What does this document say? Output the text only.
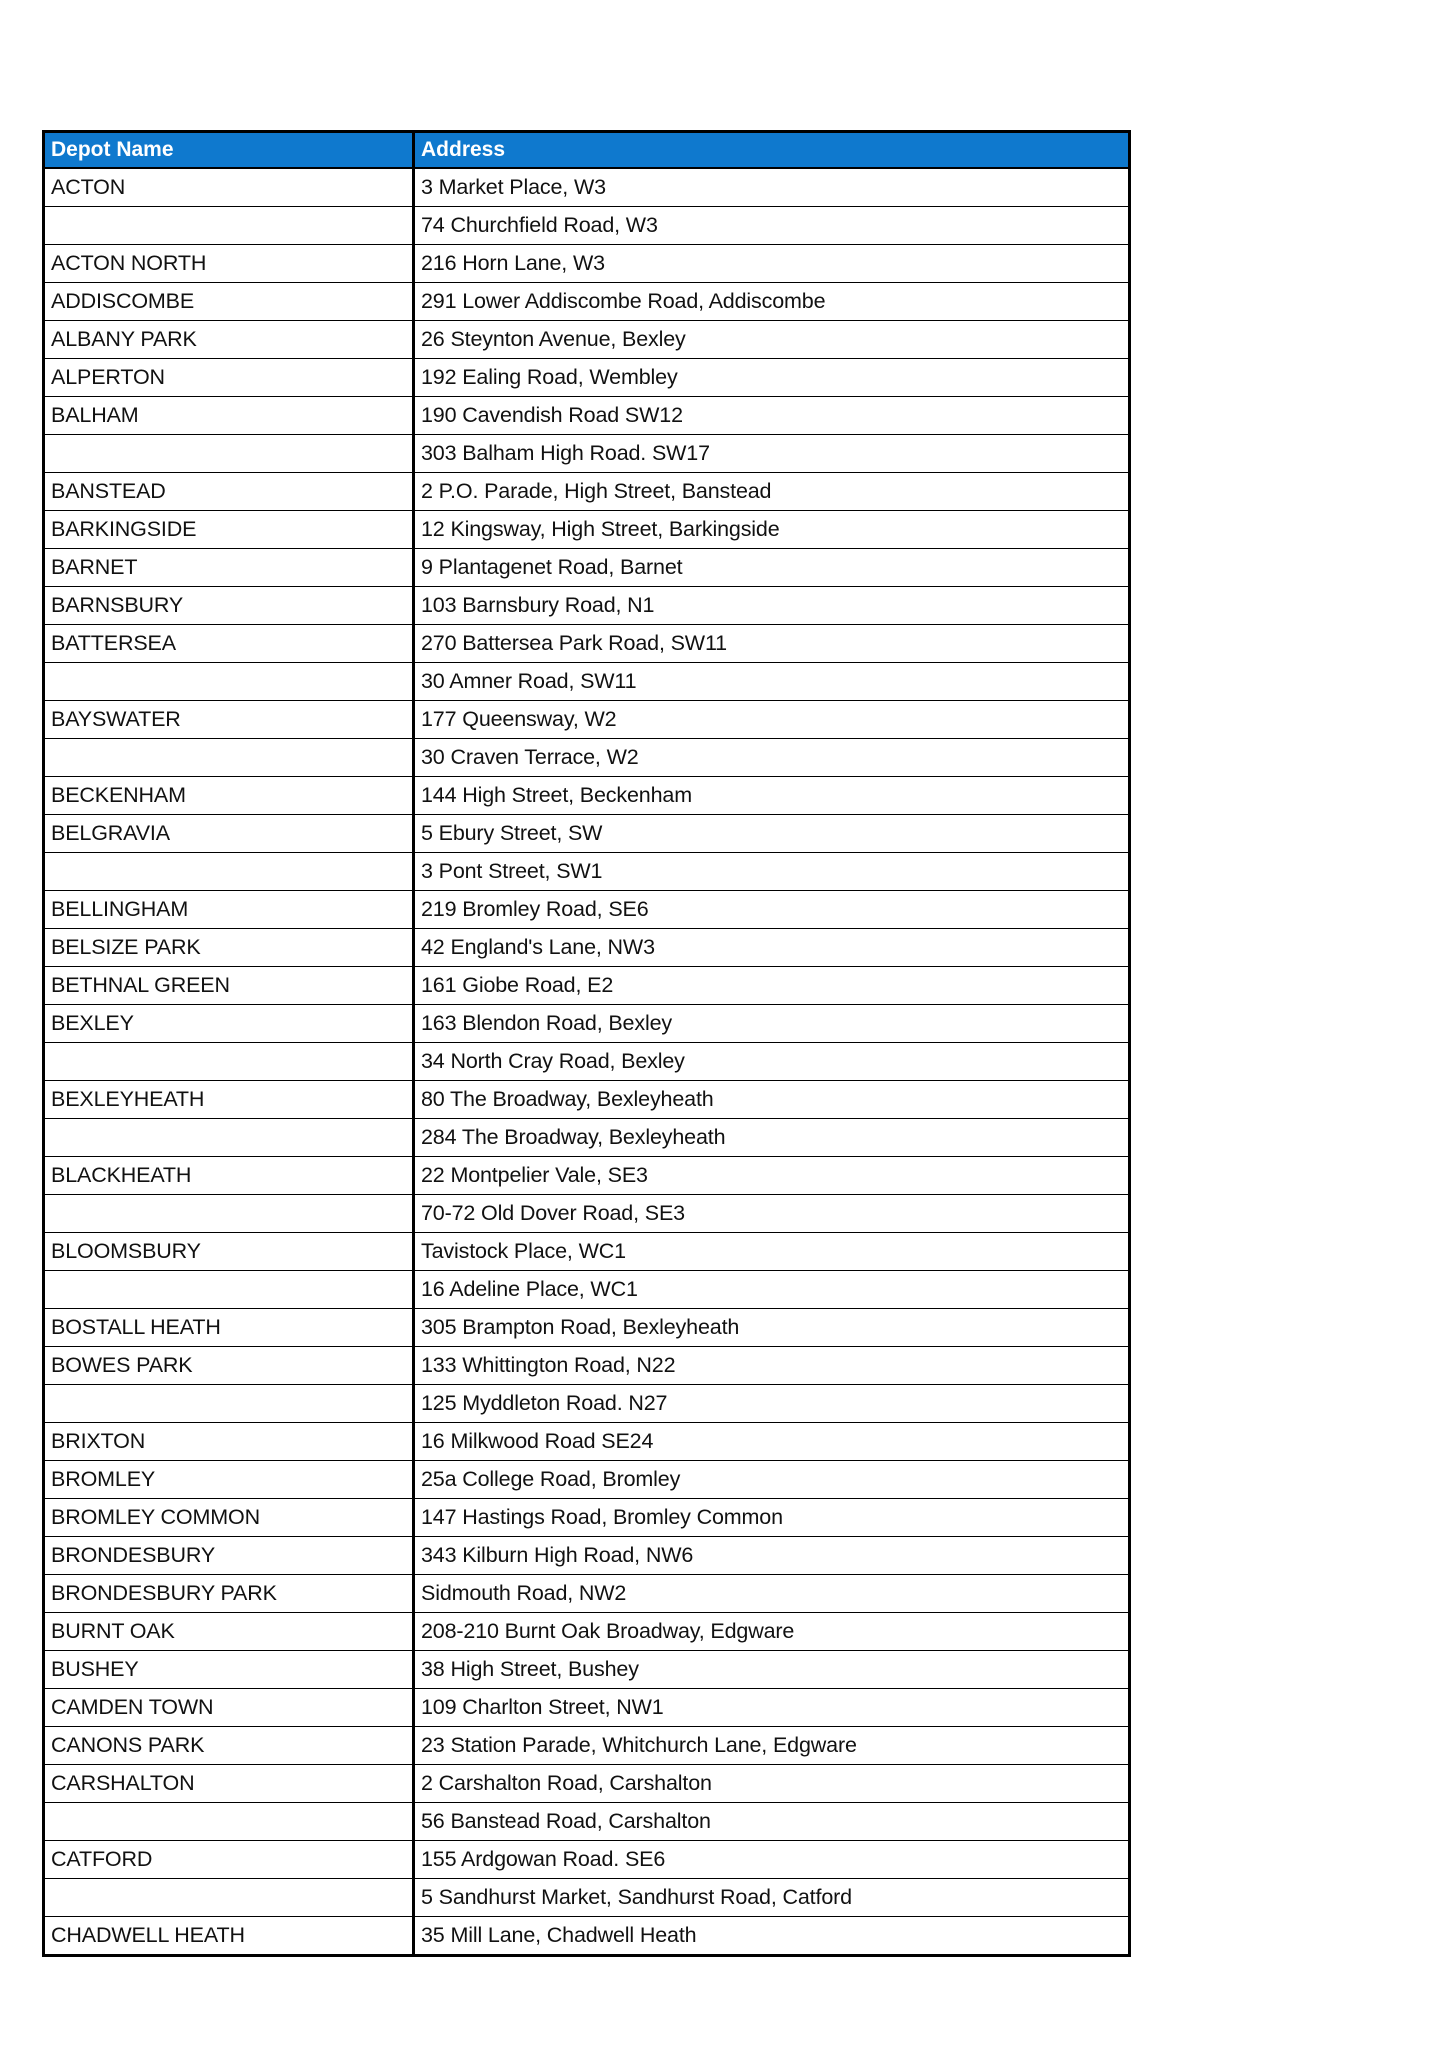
Depot Name	Address
ACTON	3 Market Place, W3
	74 Churchfield Road, W3
ACTON NORTH	216 Horn Lane, W3
ADDISCOMBE	291 Lower Addiscombe Road, Addiscombe
ALBANY PARK	26 Steynton Avenue, Bexley
ALPERTON	192 Ealing Road, Wembley
BALHAM	190 Cavendish Road SW12
	303 Balham High Road. SW17
BANSTEAD	2 P.O. Parade, High Street, Banstead
BARKINGSIDE	12 Kingsway, High Street, Barkingside
BARNET	9 Plantagenet Road, Barnet
BARNSBURY	103 Barnsbury Road, N1
BATTERSEA	270 Battersea Park Road, SW11
	30 Amner Road, SW11
BAYSWATER	177 Queensway, W2
	30 Craven Terrace, W2
BECKENHAM	144 High Street, Beckenham
BELGRAVIA	5 Ebury Street, SW
	3 Pont Street, SW1
BELLINGHAM	219 Bromley Road, SE6
BELSIZE PARK	42 England's Lane, NW3
BETHNAL GREEN	161 Giobe Road, E2
BEXLEY	163 Blendon Road, Bexley
	34 North Cray Road, Bexley
BEXLEYHEATH	80 The Broadway, Bexleyheath
	284 The Broadway, Bexleyheath
BLACKHEATH	22 Montpelier Vale, SE3
	70-72 Old Dover Road, SE3
BLOOMSBURY	Tavistock Place, WC1
	16 Adeline Place, WC1
BOSTALL HEATH	305 Brampton Road, Bexleyheath
BOWES PARK	133 Whittington Road, N22
	125 Myddleton Road. N27
BRIXTON	16 Milkwood Road SE24
BROMLEY	25a College Road, Bromley
BROMLEY COMMON	147 Hastings Road, Bromley Common
BRONDESBURY	343 Kilburn High Road, NW6
BRONDESBURY PARK	Sidmouth Road, NW2
BURNT OAK	208-210 Burnt Oak Broadway, Edgware
BUSHEY	38 High Street, Bushey
CAMDEN TOWN	109 Charlton Street, NW1
CANONS PARK	23 Station Parade, Whitchurch Lane, Edgware
CARSHALTON	2 Carshalton Road, Carshalton
	56 Banstead Road, Carshalton
CATFORD	155 Ardgowan Road. SE6
	5 Sandhurst Market, Sandhurst Road, Catford
CHADWELL HEATH	35 Mill Lane, Chadwell Heath
